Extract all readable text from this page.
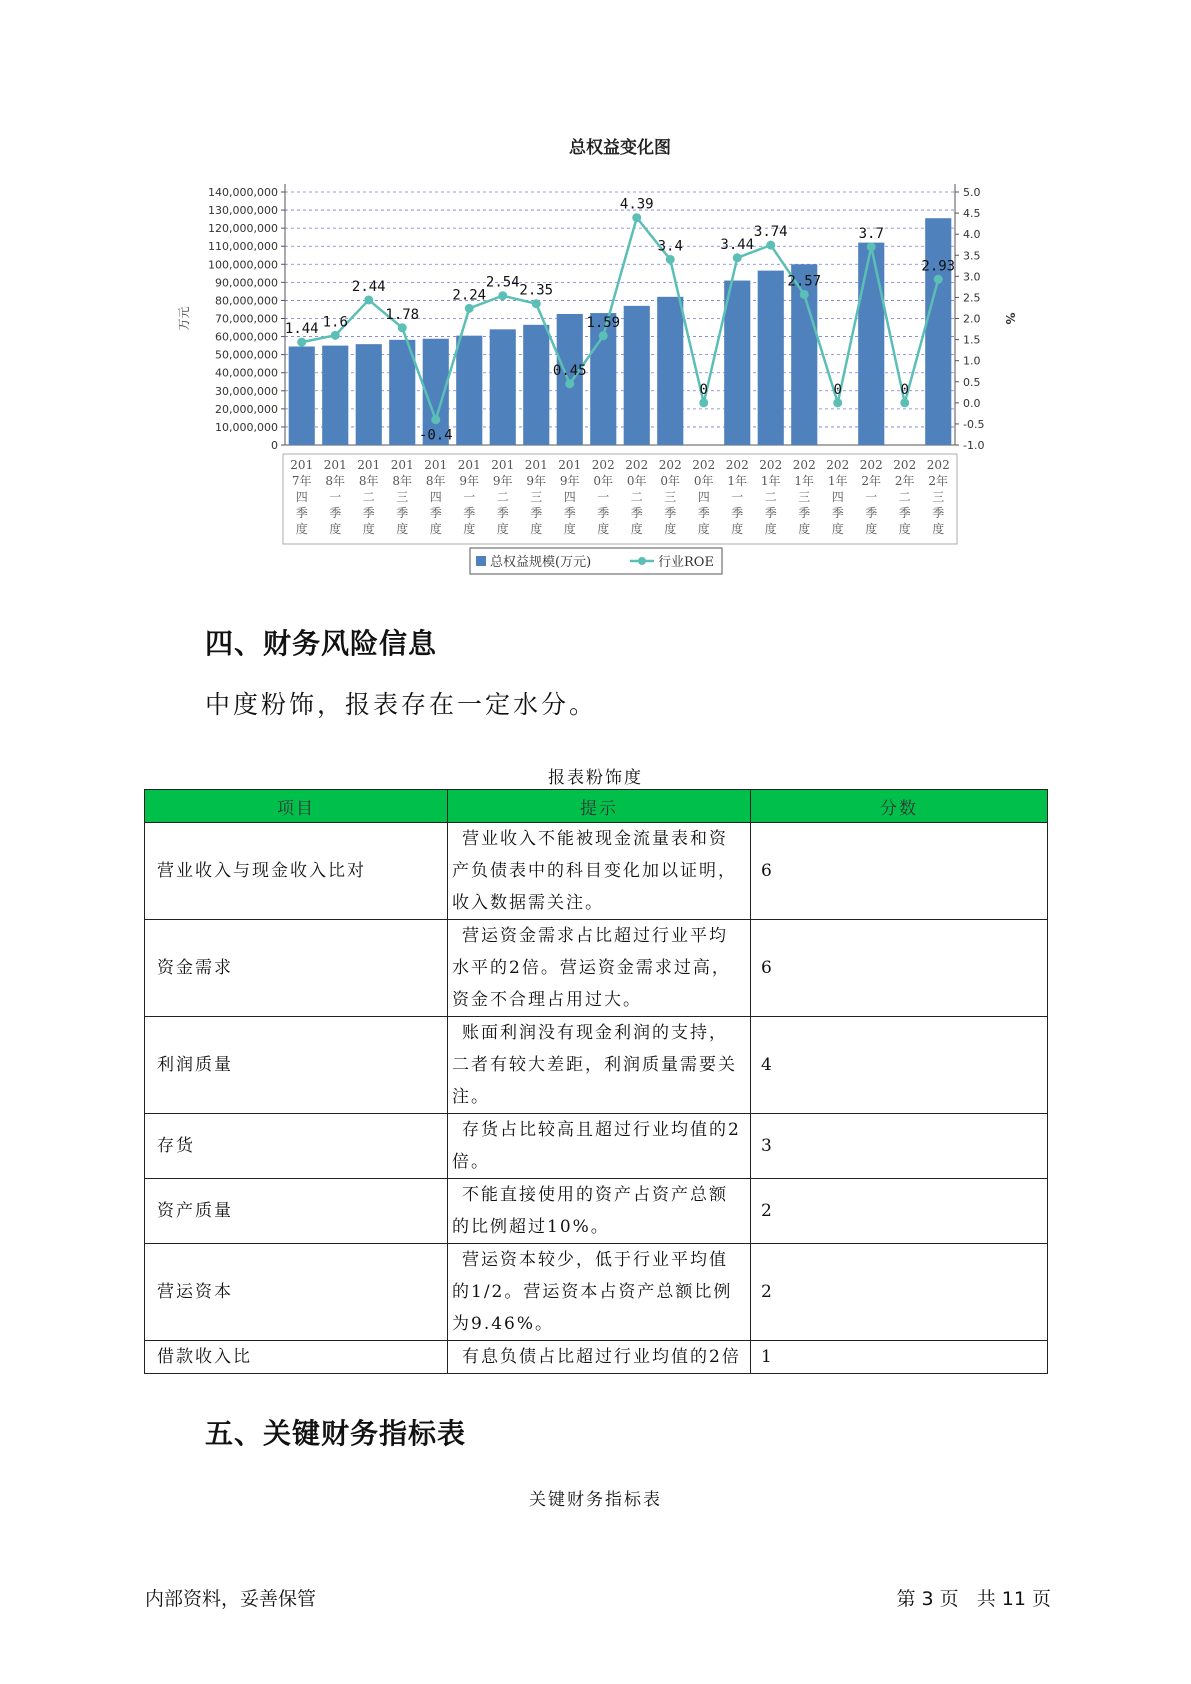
总权益变化图
140,000,000
130,000,000
120,000,000
110,000,000
100,000,000
90,000,000
80,000,000
70,000,000
60,000,000
50,000,000
40,000,000
30,000,000
20,000,000
10,000,000
0
5.0
4.5
4.0
3.5
3.0
2.5
2.0
1.5
1.0
0.5
0.0
-0.5
-1.0
万元	%
201
7年
四
季
度
201
8年
一
季
度
201
8年
二
季
度
201
8年
三
季
度
201
8年
四
季
度
201
9年
一
季
度
201
9年
二
季
度
201
9年
三
季
度
201
9年
四
季
度
202
0年
一
季
度
202
0年
二
季
度
202
0年
三
季
度
202
0年
四
季
度
202
1年
一
季
度
202
1年
二
季
度
202
1年
三
季
度
202
1年
四
季
度
202
2年
一
季
度
202
2年
二
季
度
202
2年
三
季
度
1.44 1.6
2.44
1.78
-0.4
2.24
2.54
2.35
0.45
1.59
4.39
3.4
0
3.44
3.74
2.57
0
3.7
0
2.93
总权益规模(万元)	行业ROE
四、财务风险信息
中度粉饰，报表存在一定水分。
报表粉饰度
项目	提示	分数
营业收入与现金收入比对	营业收入不能被现金流量表和资产负债表中的科目变化加以证明，收入数据需关注。	6
资金需求	营运资金需求占比超过行业平均水平的2倍。营运资金需求过高，资金不合理占用过大。	6
利润质量	账面利润没有现金利润的支持，二者有较大差距，利润质量需要关注。	4
存货	存货占比较高且超过行业均值的2倍。	3
资产质量	不能直接使用的资产占资产总额的比例超过10%。	2
营运资本	营运资本较少，低于行业平均值的1/2。营运资本占资产总额比例为9.46%。	2
借款收入比	有息负债占比超过行业均值的2倍	1
五、关键财务指标表
关键财务指标表
内部资料，妥善保管	第 3 页   共 11 页
